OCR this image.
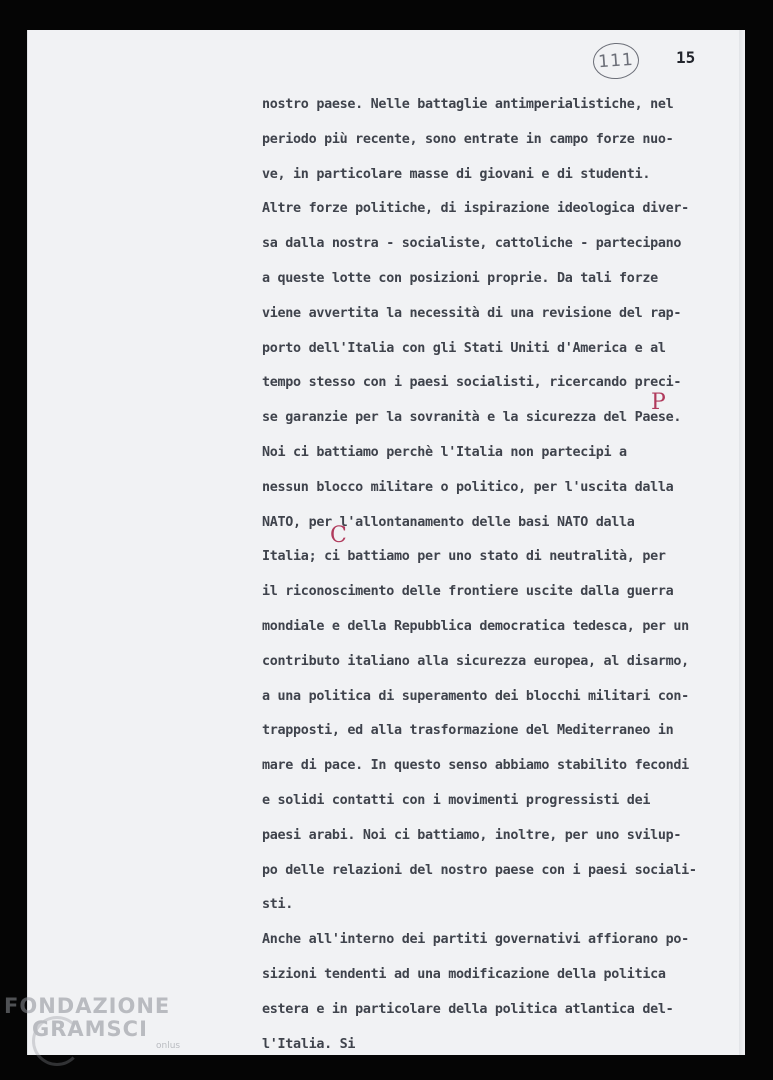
111	15
nostro paese. Nelle battaglie antimperialistiche, nel
periodo più recente, sono entrate in campo forze nuo-
ve, in particolare masse di giovani e di studenti.
Altre forze politiche, di ispirazione ideologica diver-
sa dalla nostra - socialiste, cattoliche - partecipano
a queste lotte con posizioni proprie. Da tali forze
viene avvertita la necessità di una revisione del rap-
porto dell'Italia con gli Stati Uniti d'America e al
tempo stesso con i paesi socialisti, ricercando preci-
se garanzie per la sovranità e la sicurezza del Paese.
Noi ci battiamo perchè l'Italia non partecipi a
nessun blocco militare o politico, per l'uscita dalla
NATO, per l'allontanamento delle basi NATO dalla
Italia; ci battiamo per uno stato di neutralità, per
il riconoscimento delle frontiere uscite dalla guerra
mondiale e della Repubblica democratica tedesca, per un
contributo italiano alla sicurezza europea, al disarmo,
a una politica di superamento dei blocchi militari con-
trapposti, ed alla trasformazione del Mediterraneo in
mare di pace. In questo senso abbiamo stabilito fecondi
e solidi contatti con i movimenti progressisti dei
paesi arabi. Noi ci battiamo, inoltre, per uno svilup-
po delle relazioni del nostro paese con i paesi sociali-
sti.
Anche all'interno dei partiti governativi affiorano po-
sizioni tendenti ad una modificazione della politica
estera e in particolare della politica atlantica del-
l'Italia. Si
P
C
FONDAZIONE
GRAMSCI
onlus
